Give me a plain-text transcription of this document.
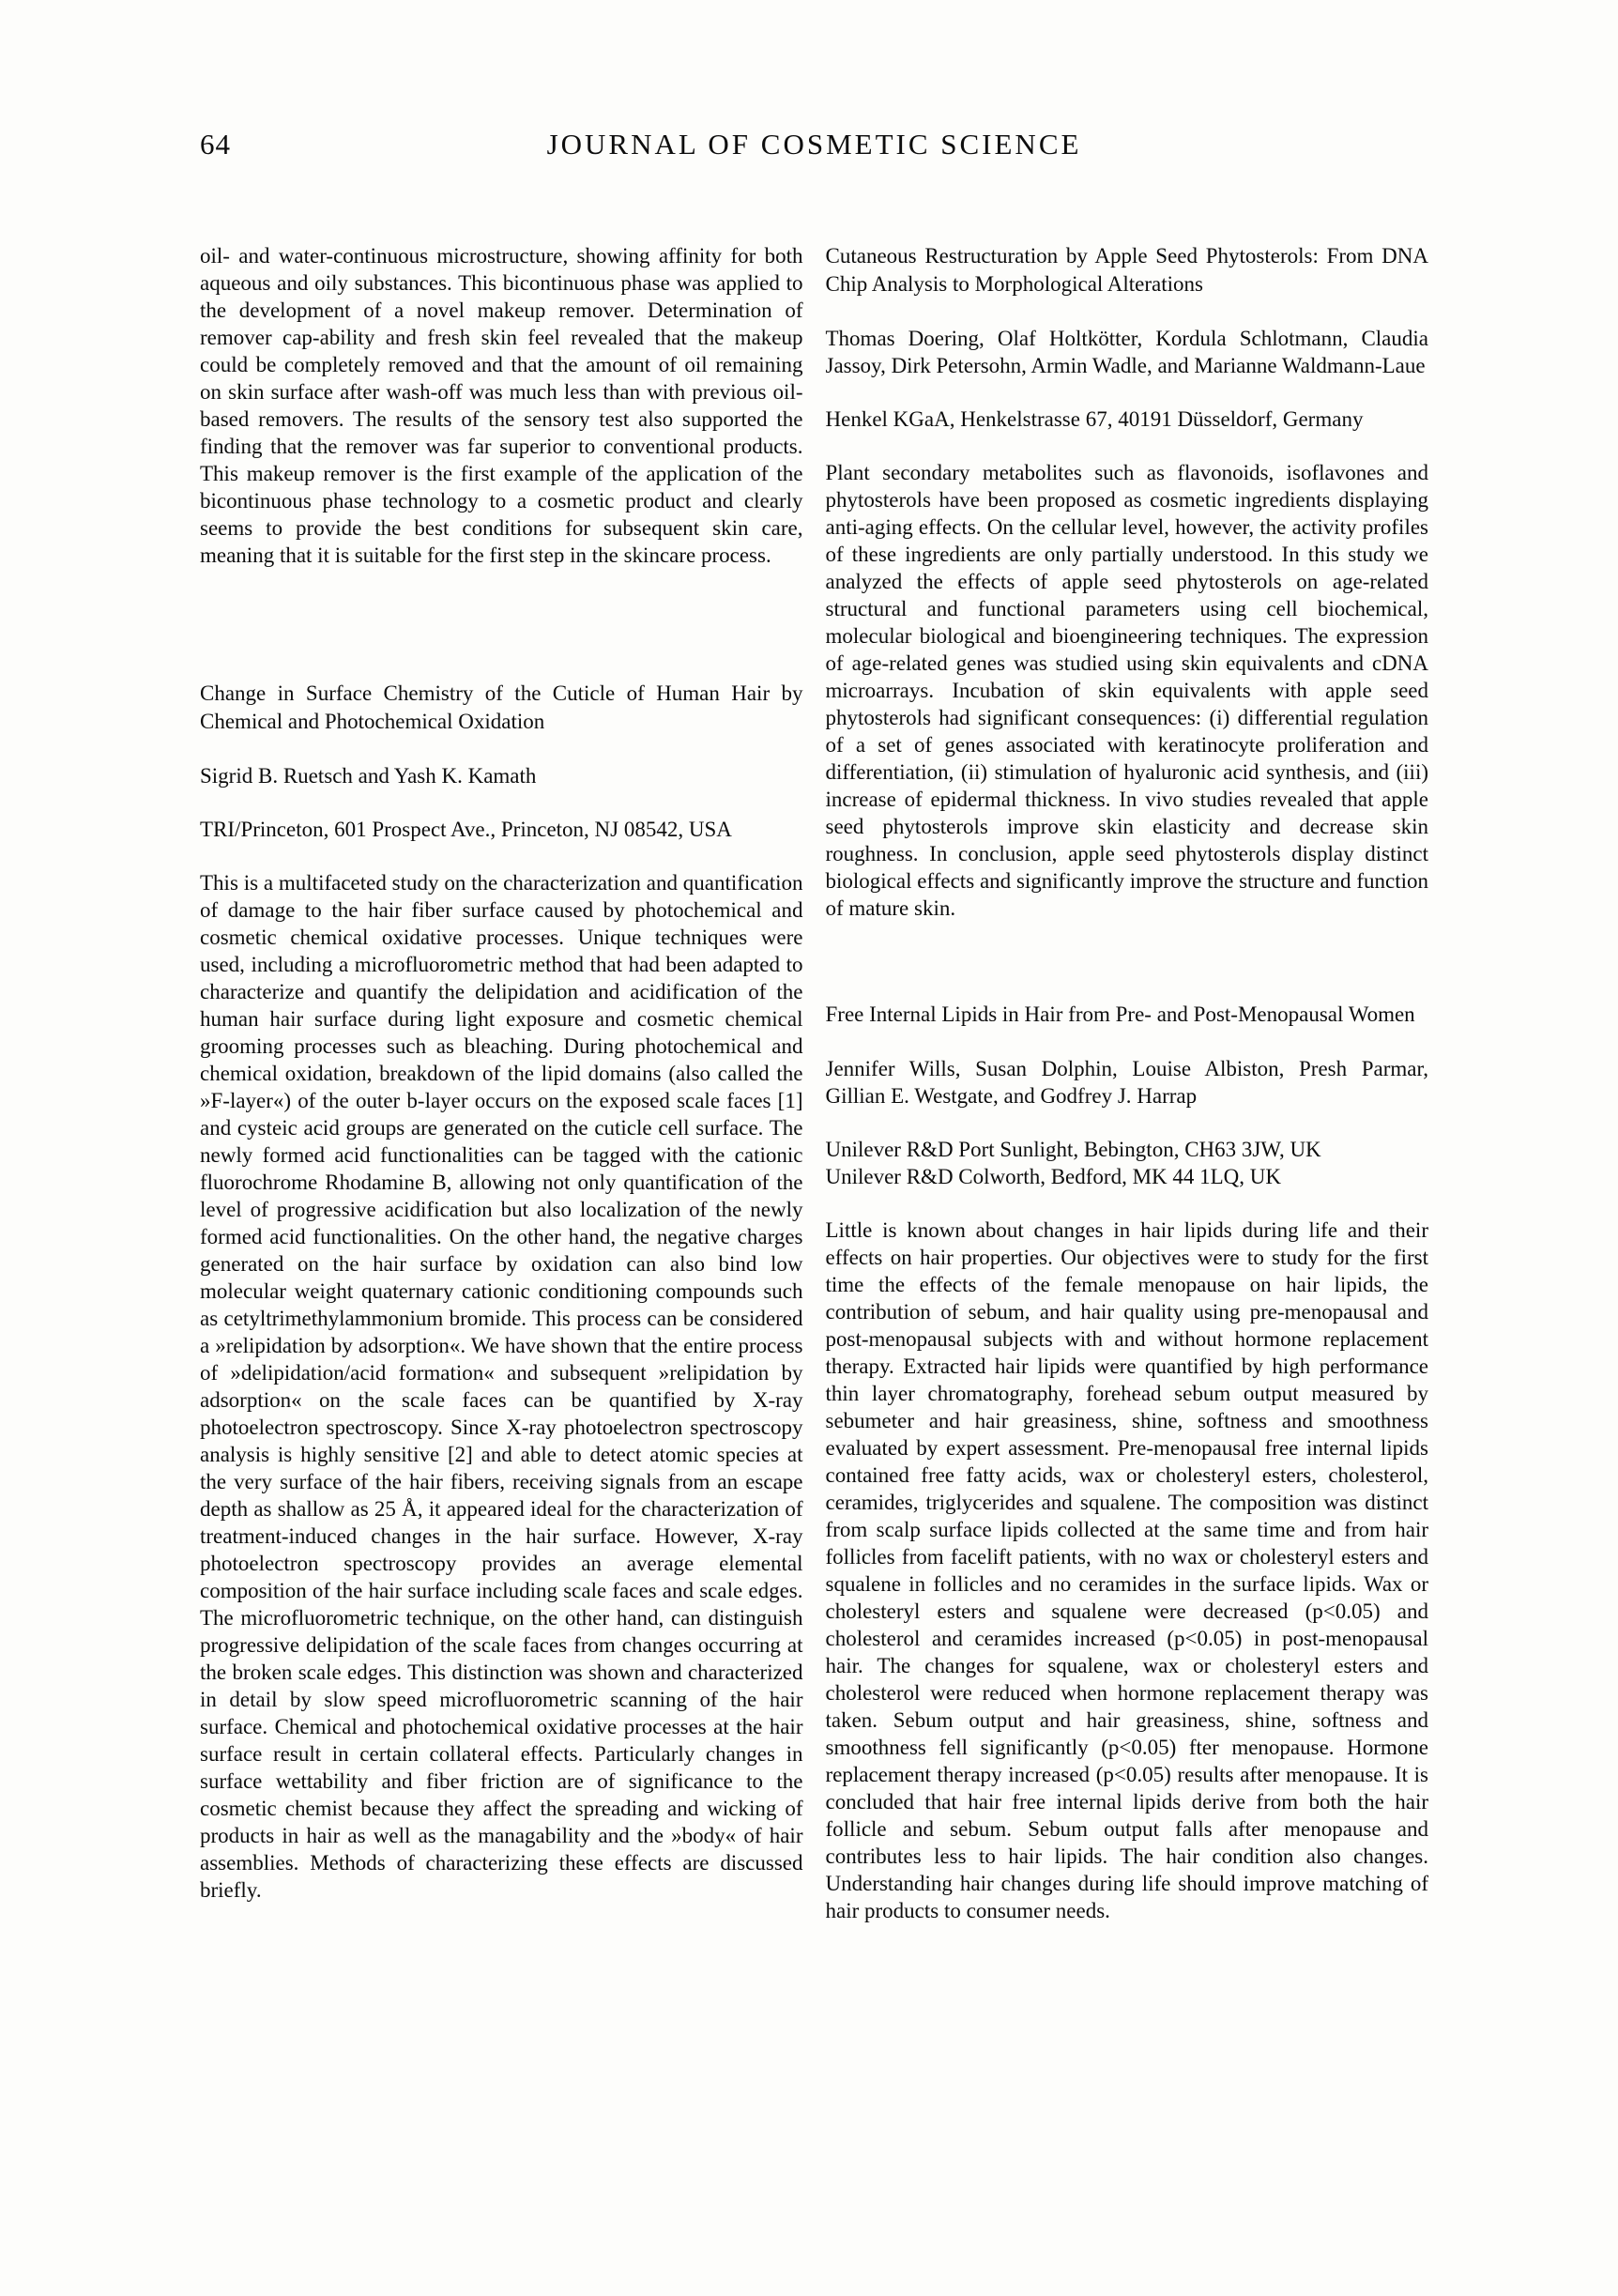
64	JOURNAL OF COSMETIC SCIENCE
oil- and water-continuous microstructure, showing affinity for both aqueous and oily substances. This bicontinuous phase was applied to the development of a novel makeup remover. Determination of remover cap-ability and fresh skin feel revealed that the makeup could be completely removed and that the amount of oil remaining on skin surface after wash-off was much less than with previous oil-based removers. The results of the sensory test also supported the finding that the remover was far superior to conventional products. This makeup remover is the first example of the application of the bicontinuous phase technology to a cosmetic product and clearly seems to provide the best conditions for subsequent skin care, meaning that it is suitable for the first step in the skincare process.
Change in Surface Chemistry of the Cuticle of Human Hair by Chemical and Photochemical Oxidation
Sigrid B. Ruetsch and Yash K. Kamath
TRI/Princeton, 601 Prospect Ave., Princeton, NJ 08542, USA
This is a multifaceted study on the characterization and quantification of damage to the hair fiber surface caused by photochemical and cosmetic chemical oxidative processes. Unique techniques were used, including a microfluorometric method that had been adapted to characterize and quantify the delipidation and acidification of the human hair surface during light exposure and cosmetic chemical grooming processes such as bleaching. During photochemical and chemical oxidation, breakdown of the lipid domains (also called the »F-layer«) of the outer b-layer occurs on the exposed scale faces [1] and cysteic acid groups are generated on the cuticle cell surface. The newly formed acid functionalities can be tagged with the cationic fluorochrome Rhodamine B, allowing not only quantification of the level of progressive acidification but also localization of the newly formed acid functionalities. On the other hand, the negative charges generated on the hair surface by oxidation can also bind low molecular weight quaternary cationic conditioning compounds such as cetyltrimethylammonium bromide. This process can be considered a »relipidation by adsorption«. We have shown that the entire process of »delipidation/acid formation« and subsequent »relipidation by adsorption« on the scale faces can be quantified by X-ray photoelectron spectroscopy. Since X-ray photoelectron spectroscopy analysis is highly sensitive [2] and able to detect atomic species at the very surface of the hair fibers, receiving signals from an escape depth as shallow as 25 Å, it appeared ideal for the characterization of treatment-induced changes in the hair surface. However, X-ray photoelectron spectroscopy provides an average elemental composition of the hair surface including scale faces and scale edges. The microfluorometric technique, on the other hand, can distinguish progressive delipidation of the scale faces from changes occurring at the broken scale edges. This distinction was shown and characterized in detail by slow speed microfluorometric scanning of the hair surface. Chemical and photochemical oxidative processes at the hair surface result in certain collateral effects. Particularly changes in surface wettability and fiber friction are of significance to the cosmetic chemist because they affect the spreading and wicking of products in hair as well as the managability and the »body« of hair assemblies. Methods of characterizing these effects are discussed briefly.
Cutaneous Restructuration by Apple Seed Phytosterols: From DNA Chip Analysis to Morphological Alterations
Thomas Doering, Olaf Holtkötter, Kordula Schlotmann, Claudia Jassoy, Dirk Petersohn, Armin Wadle, and Marianne Waldmann-Laue
Henkel KGaA, Henkelstrasse 67, 40191 Düsseldorf, Germany
Plant secondary metabolites such as flavonoids, isoflavones and phytosterols have been proposed as cosmetic ingredients displaying anti-aging effects. On the cellular level, however, the activity profiles of these ingredients are only partially understood. In this study we analyzed the effects of apple seed phytosterols on age-related structural and functional parameters using cell biochemical, molecular biological and bioengineering techniques. The expression of age-related genes was studied using skin equivalents and cDNA microarrays. Incubation of skin equivalents with apple seed phytosterols had significant consequences: (i) differential regulation of a set of genes associated with keratinocyte proliferation and differentiation, (ii) stimulation of hyaluronic acid synthesis, and (iii) increase of epidermal thickness. In vivo studies revealed that apple seed phytosterols improve skin elasticity and decrease skin roughness. In conclusion, apple seed phytosterols display distinct biological effects and significantly improve the structure and function of mature skin.
Free Internal Lipids in Hair from Pre- and Post-Menopausal Women
Jennifer Wills, Susan Dolphin, Louise Albiston, Presh Parmar, Gillian E. Westgate, and Godfrey J. Harrap
Unilever R&D Port Sunlight, Bebington, CH63 3JW, UK
Unilever R&D Colworth, Bedford, MK 44 1LQ, UK
Little is known about changes in hair lipids during life and their effects on hair properties. Our objectives were to study for the first time the effects of the female menopause on hair lipids, the contribution of sebum, and hair quality using pre-menopausal and post-menopausal subjects with and without hormone replacement therapy. Extracted hair lipids were quantified by high performance thin layer chromatography, forehead sebum output measured by sebumeter and hair greasiness, shine, softness and smoothness evaluated by expert assessment. Pre-menopausal free internal lipids contained free fatty acids, wax or cholesteryl esters, cholesterol, ceramides, triglycerides and squalene. The composition was distinct from scalp surface lipids collected at the same time and from hair follicles from facelift patients, with no wax or cholesteryl esters and squalene in follicles and no ceramides in the surface lipids. Wax or cholesteryl esters and squalene were decreased (p<0.05) and cholesterol and ceramides increased (p<0.05) in post-menopausal hair. The changes for squalene, wax or cholesteryl esters and cholesterol were reduced when hormone replacement therapy was taken. Sebum output and hair greasiness, shine, softness and smoothness fell significantly (p<0.05) fter menopause. Hormone replacement therapy increased (p<0.05) results after menopause. It is concluded that hair free internal lipids derive from both the hair follicle and sebum. Sebum output falls after menopause and contributes less to hair lipids. The hair condition also changes. Understanding hair changes during life should improve matching of hair products to consumer needs.
